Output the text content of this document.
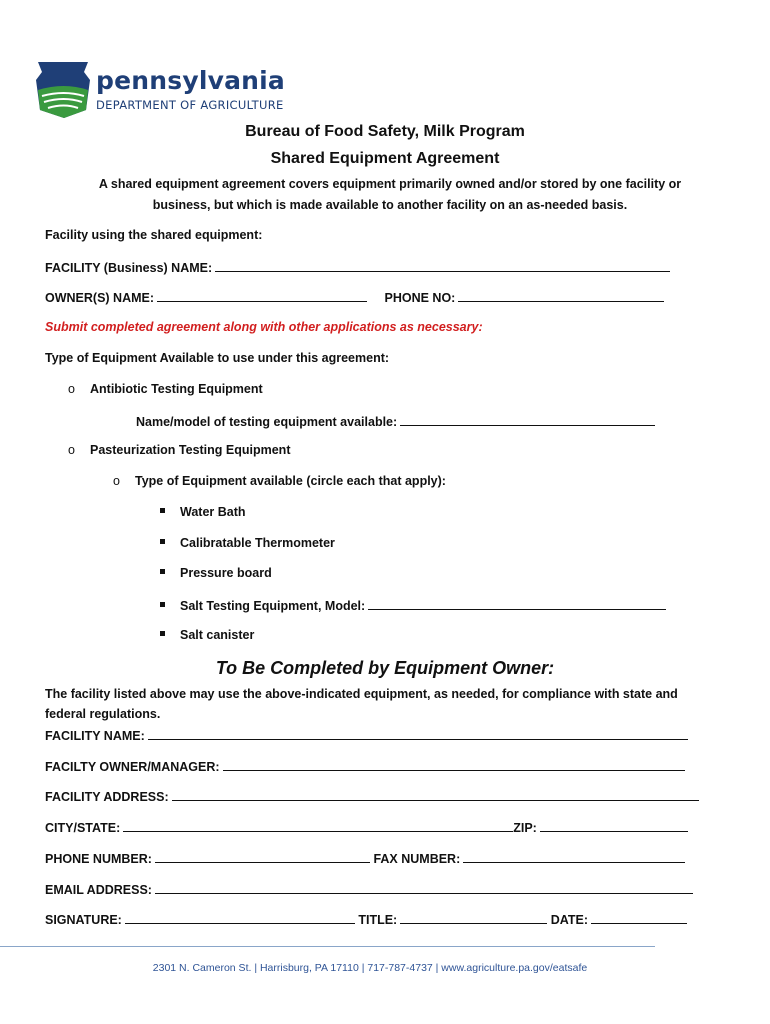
pennsylvania
DEPARTMENT OF AGRICULTURE
Bureau of Food Safety, Milk Program
Shared Equipment Agreement
A shared equipment agreement covers equipment primarily owned and/or stored by one facility or
business, but which is made available to another facility on an as-needed basis.
Facility using the shared equipment:
FACILITY (Business) NAME:
OWNER(S) NAME:	PHONE NO:
Submit completed agreement along with other applications as necessary:
Type of Equipment Available to use under this agreement:
o Antibiotic Testing Equipment
Name/model of testing equipment available:
o Pasteurization Testing Equipment
o Type of Equipment available (circle each that apply):
Water Bath
Calibratable Thermometer
Pressure board
Salt Testing Equipment, Model:
Salt canister
To Be Completed by Equipment Owner:
The facility listed above may use the above-indicated equipment, as needed, for compliance with state and
federal regulations.
FACILITY NAME:
FACILTY OWNER/MANAGER:
FACILITY ADDRESS:
CITY/STATE:	ZIP:
PHONE NUMBER:	FAX NUMBER:
EMAIL ADDRESS:
SIGNATURE:	TITLE:	DATE:
2301 N. Cameron St. | Harrisburg, PA 17110 | 717-787-4737 | www.agriculture.pa.gov/eatsafe
